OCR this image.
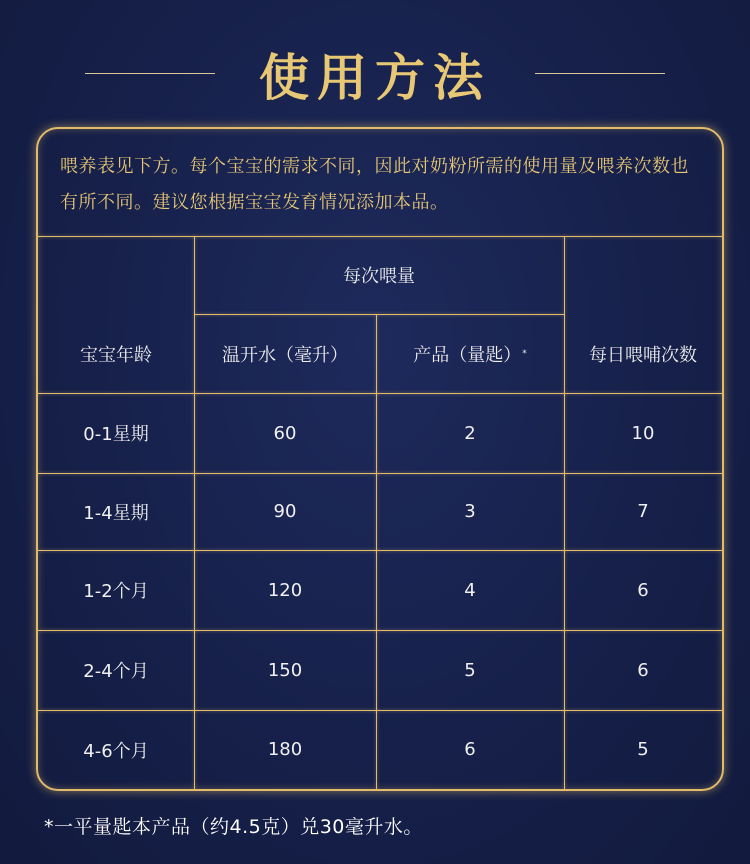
使用方法
喂养表见下方。每个宝宝的需求不同，因此对奶粉所需的使用量及喂养次数也有所不同。建议您根据宝宝发育情况添加本品。
每次喂量
宝宝年龄	温开水（毫升）	产品（量匙） *	每日喂哺次数
0-1星期	60	2	10
1-4星期	90	3	7
1-2个月	120	4	6
2-4个月	150	5	6
4-6个月	180	6	5
*一平量匙本产品（约4.5克）兑30毫升水。
